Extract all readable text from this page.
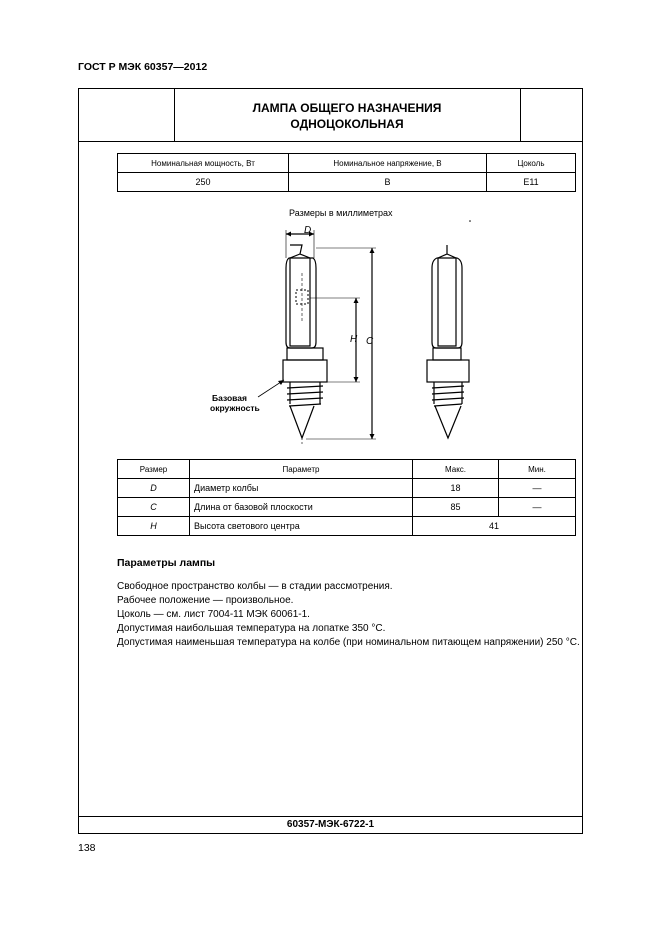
ГОСТ Р МЭК 60357—2012
ЛАМПА ОБЩЕГО НАЗНАЧЕНИЯ
ОДНОЦОКОЛЬНАЯ
60357-МЭК-6722-1
Номинальная мощность, Вт	Номинальное напряжение, В	Цоколь
250	В	E11
Размеры в миллиметрах
D
H C
Базовая
окружность
Размер	Параметр	Макс.	Мин.
D	Диаметр колбы	18	—
C	Длина от базовой плоскости	85	—
H	Высота светового центра	41	
Параметры лампы
Свободное пространство колбы — в стадии рассмотрения.
Рабочее положение — произвольное.
Цоколь — см. лист 7004-11 МЭК 60061-1.
Допустимая наибольшая температура на лопатке 350 °С.
Допустимая наименьшая температура на колбе (при номинальном питающем напряжении) 250 °С.
138
